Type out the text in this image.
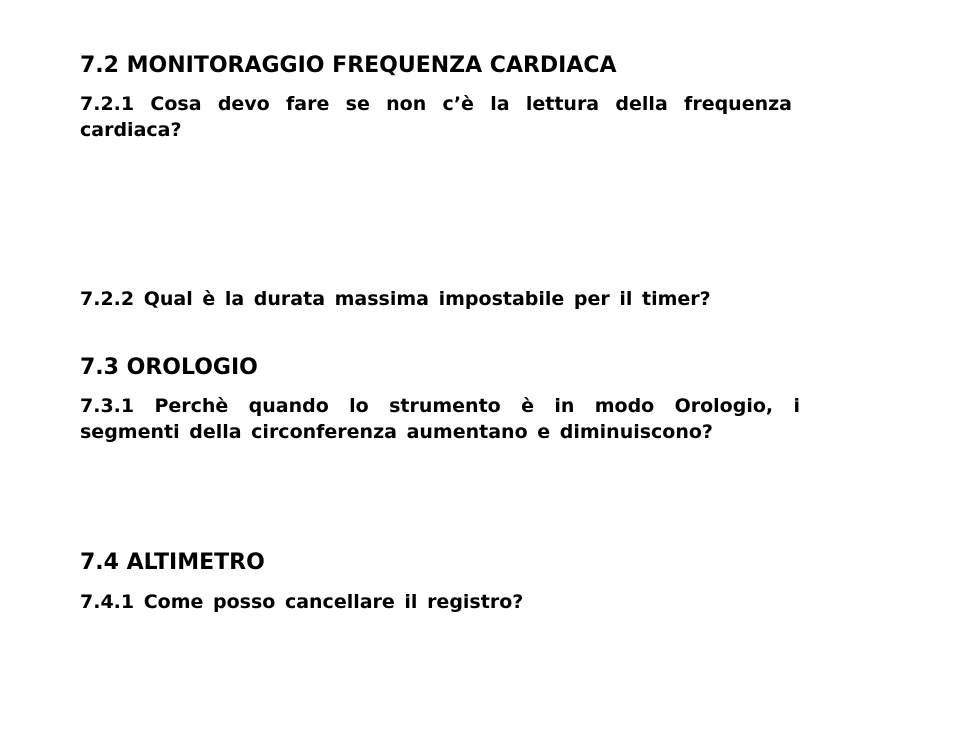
7.2 MONITORAGGIO FREQUENZA CARDIACA

7.2.1 Cosa devo fare se non c’è la lettura della frequenza cardiaca?

7.2.2 Qual è la durata massima impostabile per il timer?

7.3 OROLOGIO

7.3.1 Perchè quando lo strumento è in modo Orologio, i segmenti della circonferenza aumentano e diminuiscono?

7.4 ALTIMETRO

7.4.1 Come posso cancellare il registro?
